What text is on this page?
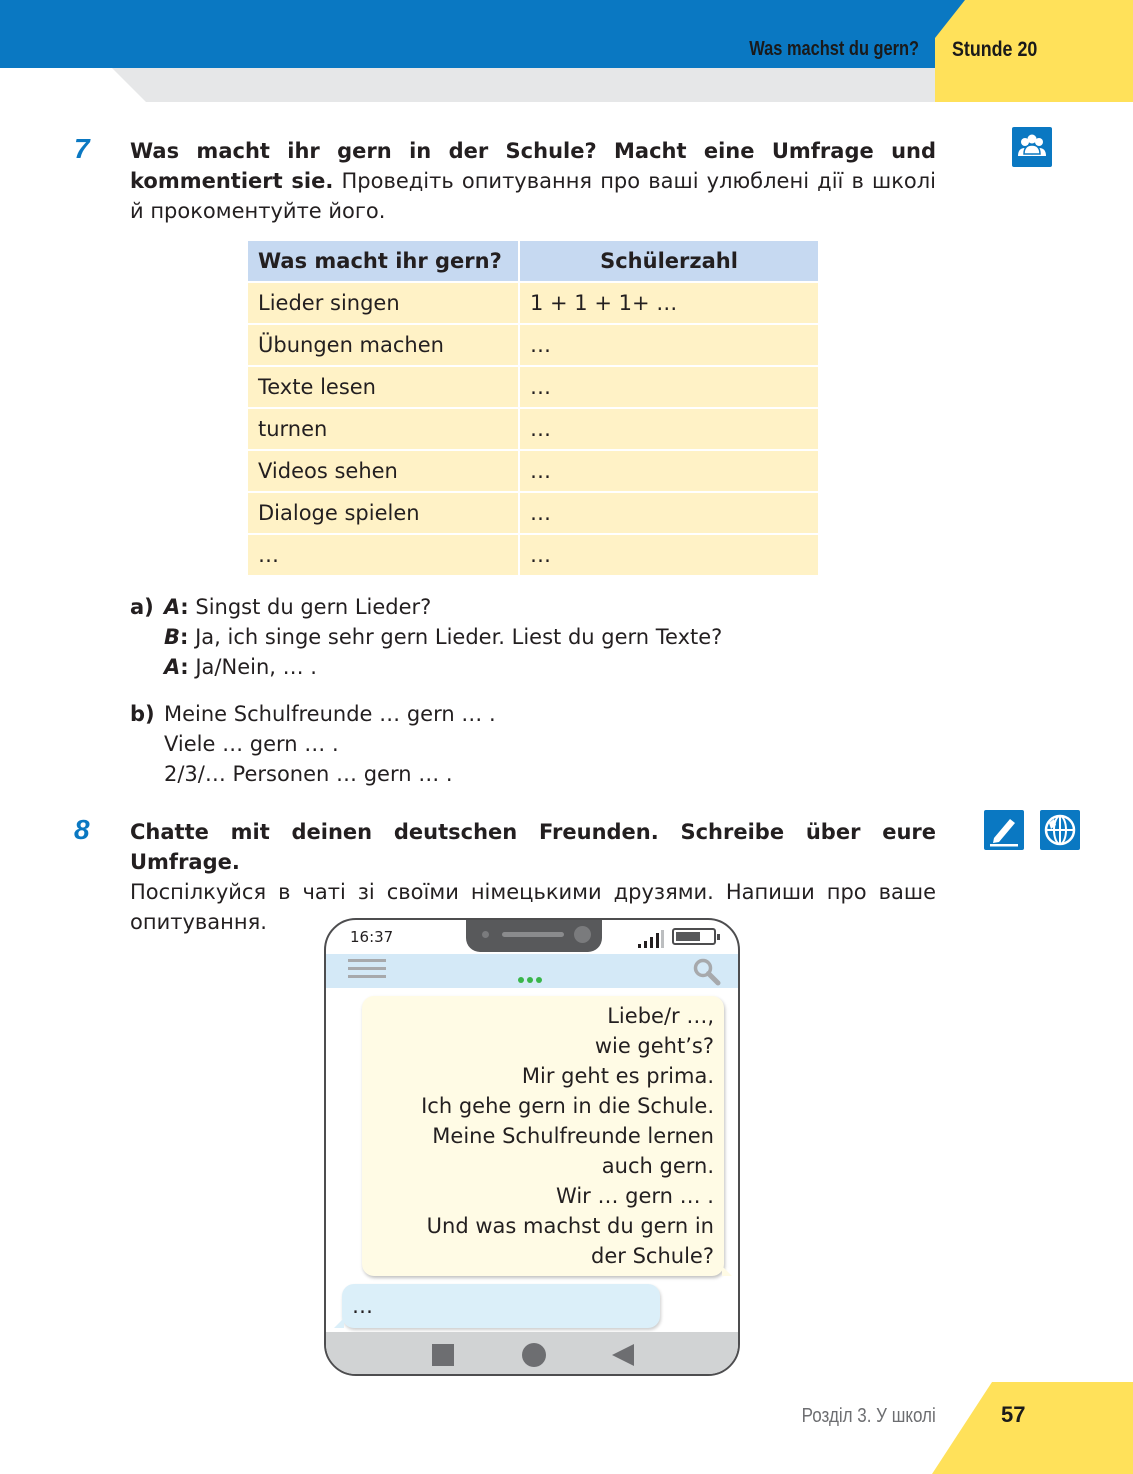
Was machst du gern? Stunde 20
7 Was macht ihr gern in der Schule? Macht eine Umfrage und kommentiert sie. Проведіть опитування про ваші улюблені дії в школі й прокоментуйте його.
Was macht ihr gern?	Schülerzahl
Lieder singen	1 + 1 + 1+ …
Übungen machen	…
Texte lesen	…
turnen	…
Videos sehen	…
Dialoge spielen	…
…	…
a) A: Singst du gern Lieder?
B: Ja, ich singe sehr gern Lieder. Liest du gern Texte?
A: Ja/Nein, … .
b) Meine Schulfreunde … gern … .
Viele … gern … .
2/3/… Personen … gern … .
8 Chatte mit deinen deutschen Freunden. Schreibe über eure Umfrage.
Поспілкуйся в чаті зі своїми німецькими друзями. Напиши про ваше опитування.
16:37
Liebe/r …,
wie geht’s?
Mir geht es prima.
Ich gehe gern in die Schule.
Meine Schulfreunde lernen
auch gern.
Wir … gern … .
Und was machst du gern in
der Schule?
…
Розділ 3. У школі	57
